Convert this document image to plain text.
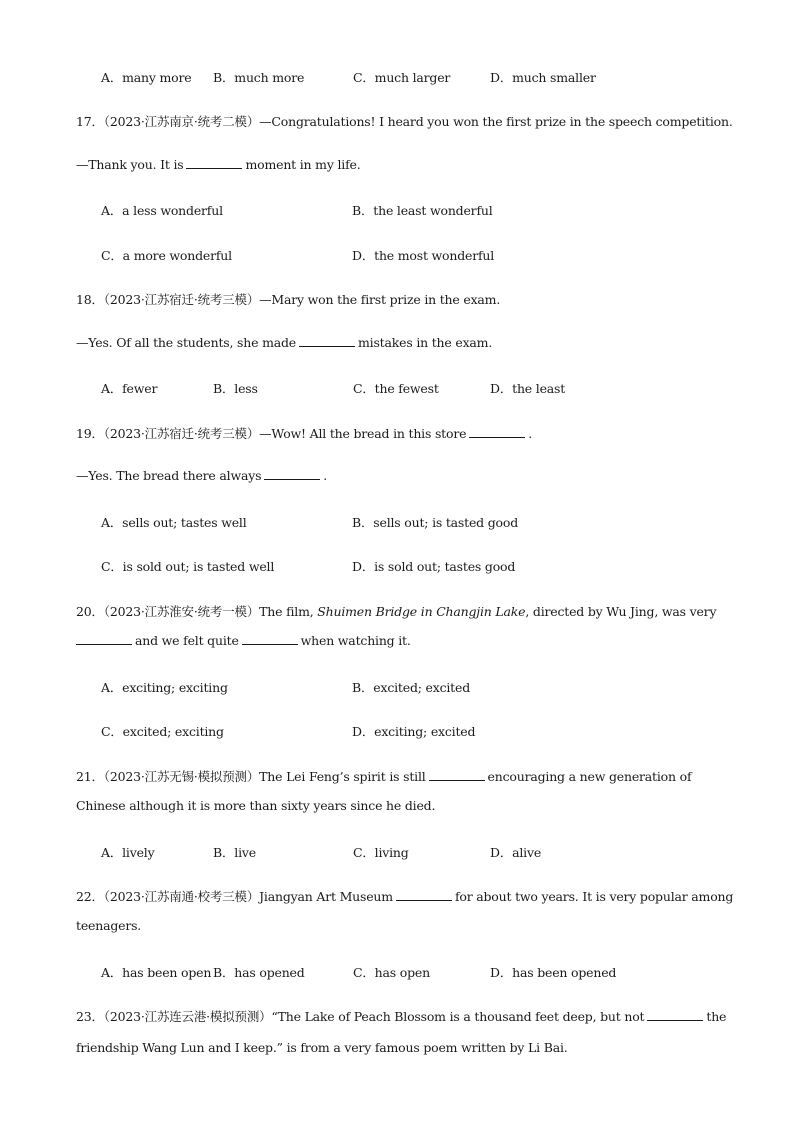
A．many more B．much more	C．much larger	D．much smaller
17．（2023·江苏南京·统考二模）—Congratulations! I heard you won the first prize in the speech competition.
—Thank you. It is	moment in my life.
A．a less wonderful	B．the least wonderful
C．a more wonderful	D．the most wonderful
18．（2023·江苏宿迁·统考三模）—Mary won the first prize in the exam.
—Yes. Of all the students, she made	mistakes in the exam.
A．fewer	B．less	C．the fewest	D．the least
19．（2023·江苏宿迁·统考三模）—Wow! All the bread in this store	.
—Yes. The bread there always	.
A．sells out; tastes well	B．sells out; is tasted good
C．is sold out; is tasted well	D．is sold out; tastes good
20．（2023·江苏淮安·统考一模）The film, Shuimen Bridge in Changjin Lake, directed by Wu Jing, was very
and we felt quite	when watching it.
A．exciting; exciting	B．excited; excited
C．excited; exciting	D．exciting; excited
21．（2023·江苏无锡·模拟预测）The Lei Feng’s spirit is still	encouraging a new generation of
Chinese although it is more than sixty years since he died.
A．lively	B．live	C．living	D．alive
22．（2023·江苏南通·校考三模）Jiangyan Art Museum	for about two years. It is very popular among
teenagers.
A．has been open B．has opened	C．has open	D．has been opened
23．（2023·江苏连云港·模拟预测）“The Lake of Peach Blossom is a thousand feet deep, but not	the
friendship Wang Lun and I keep.” is from a very famous poem written by Li Bai.
